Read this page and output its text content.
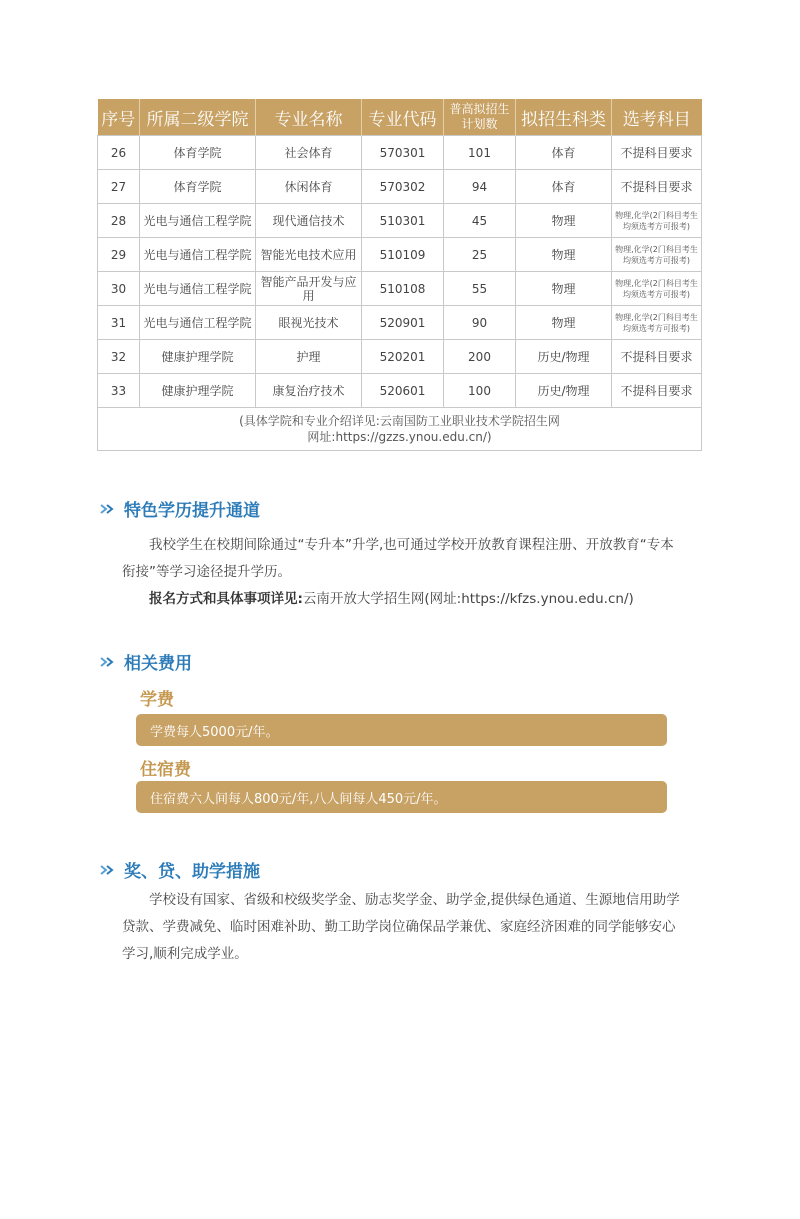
序号	所属二级学院	专业名称	专业代码	普高拟招生计划数	拟招生科类	选考科目
26	体育学院	社会体育	570301	101	体育	不提科目要求
27	体育学院	休闲体育	570302	94	体育	不提科目要求
28	光电与通信工程学院	现代通信技术	510301	45	物理	物理,化学(2门科目考生均须选考方可报考)
29	光电与通信工程学院	智能光电技术应用	510109	25	物理	物理,化学(2门科目考生均须选考方可报考)
30	光电与通信工程学院	智能产品开发与应用	510108	55	物理	物理,化学(2门科目考生均须选考方可报考)
31	光电与通信工程学院	眼视光技术	520901	90	物理	物理,化学(2门科目考生均须选考方可报考)
32	健康护理学院	护理	520201	200	历史/物理	不提科目要求
33	健康护理学院	康复治疗技术	520601	100	历史/物理	不提科目要求

(具体学院和专业介绍详见:云南国防工业职业技术学院招生网
网址:https://gzzs.ynou.edu.cn/)						
特色学历提升通道

我校学生在校期间除通过“专升本”升学,也可通过学校开放教育课程注册、开放教育“专本衔接”等学习途径提升学历。

报名方式和具体事项详见:云南开放大学招生网(网址:https://kfzs.ynou.edu.cn/)
相关费用
学费
学费每人5000元/年。
住宿费
住宿费六人间每人800元/年,八人间每人450元/年。
奖、贷、助学措施

学校设有国家、省级和校级奖学金、励志奖学金、助学金,提供绿色通道、生源地信用助学贷款、学费减免、临时困难补助、勤工助学岗位确保品学兼优、家庭经济困难的同学能够安心学习,顺利完成学业。
